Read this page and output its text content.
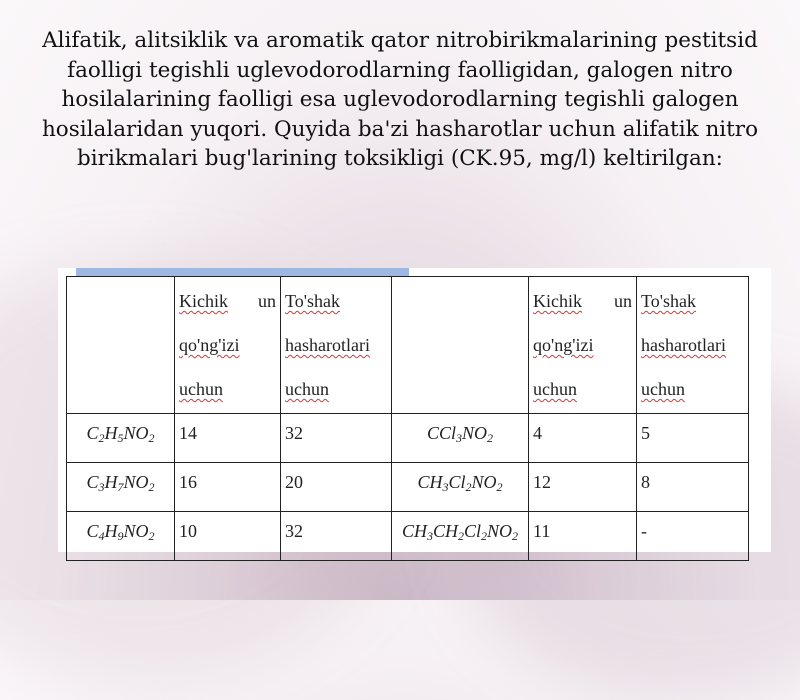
Alifatik, alitsiklik va aromatik qator nitrobirikmalarining pestitsid faolligi tegishli uglevodorodlarning faolligidan, galogen nitro hosilalarining faolligi esa uglevodorodlarning tegishli galogen hosilalaridan yuqori. Quyida ba'zi hasharotlar uchun alifatik nitro birikmalari bug'larining toksikligi (CK.95, mg/l) keltirilgan:

	Kichik un
qo'ng'izi
uchun	To'shak
hasharotlari
uchun		Kichik un
qo'ng'izi
uchun	To'shak
hasharotlari
uchun

$C_2H_5NO_2$	14	32	$CCl_3NO_2$	4	5
$C_3H_7NO_2$	16	20	$CH_3Cl_2NO_2$	12	8
$C_4H_9NO_2$	10	32	$CH_3CH_2Cl_2NO_2$	11	-
